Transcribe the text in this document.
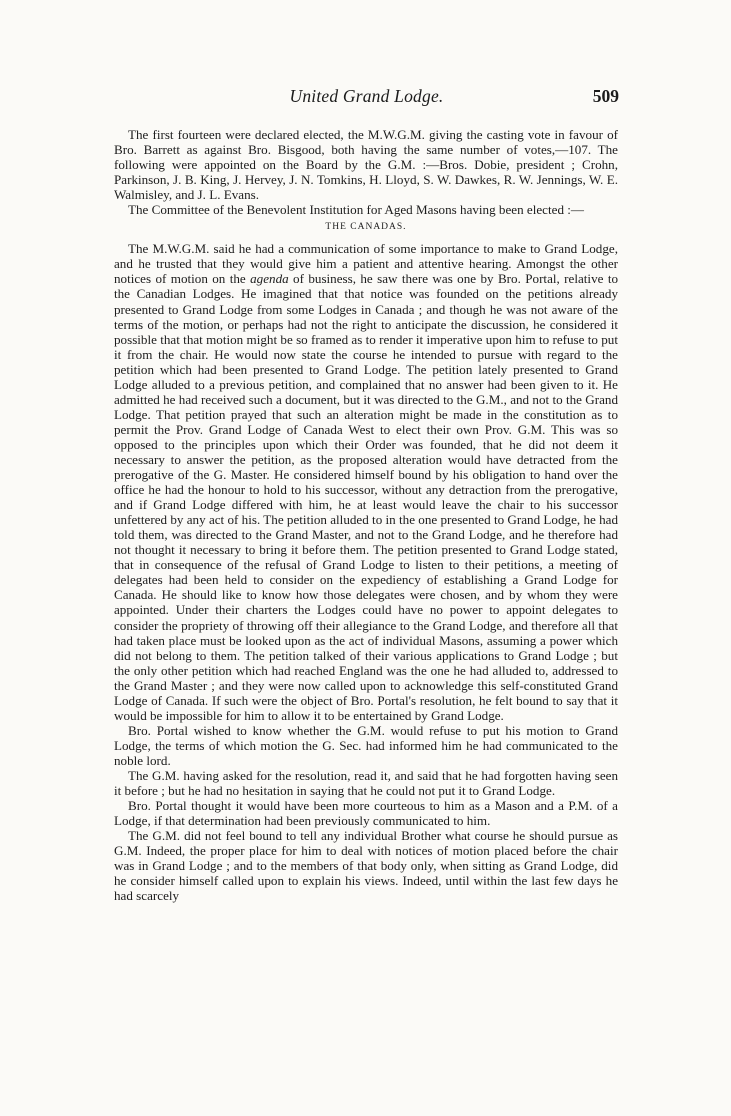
United Grand Lodge.	509

The first fourteen were declared elected, the M.W.G.M. giving the casting vote in favour of Bro. Barrett as against Bro. Bisgood, both having the same number of votes,—107. The following were appointed on the Board by the G.M. :—Bros. Dobie, president ; Crohn, Parkinson, J. B. King, J. Hervey, J. N. Tomkins, H. Lloyd, S. W. Dawkes, R. W. Jennings, W. E. Walmisley, and J. L. Evans.

The Committee of the Benevolent Institution for Aged Masons having been elected :—

THE CANADAS.

The M.W.G.M. said he had a communication of some importance to make to Grand Lodge, and he trusted that they would give him a patient and attentive hearing. Amongst the other notices of motion on the agenda of business, he saw there was one by Bro. Portal, relative to the Canadian Lodges. He imagined that that notice was founded on the petitions already presented to Grand Lodge from some Lodges in Canada ; and though he was not aware of the terms of the motion, or perhaps had not the right to anticipate the discussion, he considered it possible that that motion might be so framed as to render it imperative upon him to refuse to put it from the chair. He would now state the course he intended to pursue with regard to the petition which had been presented to Grand Lodge. The petition lately presented to Grand Lodge alluded to a previous petition, and complained that no answer had been given to it. He admitted he had received such a document, but it was directed to the G.M., and not to the Grand Lodge. That petition prayed that such an alteration might be made in the constitution as to permit the Prov. Grand Lodge of Canada West to elect their own Prov. G.M. This was so opposed to the principles upon which their Order was founded, that he did not deem it necessary to answer the petition, as the proposed alteration would have detracted from the prerogative of the G. Master. He considered himself bound by his obligation to hand over the office he had the honour to hold to his successor, without any detraction from the prerogative, and if Grand Lodge differed with him, he at least would leave the chair to his successor unfettered by any act of his. The petition alluded to in the one presented to Grand Lodge, he had told them, was directed to the Grand Master, and not to the Grand Lodge, and he therefore had not thought it necessary to bring it before them. The petition presented to Grand Lodge stated, that in consequence of the refusal of Grand Lodge to listen to their petitions, a meeting of delegates had been held to consider on the expediency of establishing a Grand Lodge for Canada. He should like to know how those delegates were chosen, and by whom they were appointed. Under their charters the Lodges could have no power to appoint delegates to consider the propriety of throwing off their allegiance to the Grand Lodge, and therefore all that had taken place must be looked upon as the act of individual Masons, assuming a power which did not belong to them. The petition talked of their various applications to Grand Lodge ; but the only other petition which had reached England was the one he had alluded to, addressed to the Grand Master ; and they were now called upon to acknowledge this self-constituted Grand Lodge of Canada. If such were the object of Bro. Portal's resolution, he felt bound to say that it would be impossible for him to allow it to be entertained by Grand Lodge.

Bro. Portal wished to know whether the G.M. would refuse to put his motion to Grand Lodge, the terms of which motion the G. Sec. had informed him he had communicated to the noble lord.

The G.M. having asked for the resolution, read it, and said that he had forgotten having seen it before ; but he had no hesitation in saying that he could not put it to Grand Lodge.

Bro. Portal thought it would have been more courteous to him as a Mason and a P.M. of a Lodge, if that determination had been previously communicated to him.

The G.M. did not feel bound to tell any individual Brother what course he should pursue as G.M. Indeed, the proper place for him to deal with notices of motion placed before the chair was in Grand Lodge ; and to the members of that body only, when sitting as Grand Lodge, did he consider himself called upon to explain his views. Indeed, until within the last few days he had scarcely
